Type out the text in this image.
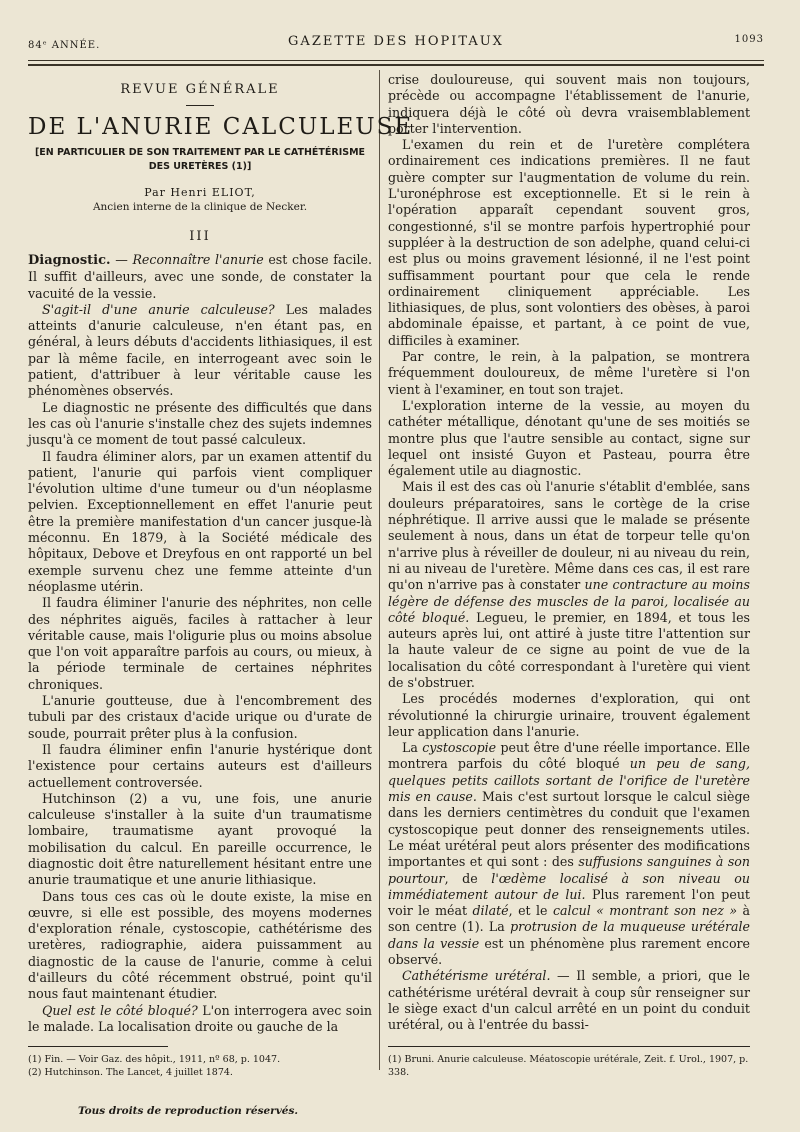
84ᵉ ANNÉE.	GAZETTE DES HOPITAUX	1093
REVUE GÉNÉRALE
DE L'ANURIE CALCULEUSE
[EN PARTICULIER DE SON TRAITEMENT PAR LE CATHÉTÉRISME DES URETÈRES (1)]
Par Henri ELIOT,
Ancien interne de la clinique de Necker.
III

Diagnostic. — Reconnaître l'anurie est chose facile. Il suffit d'ailleurs, avec une sonde, de constater la vacuité de la vessie.

S'agit-il d'une anurie calculeuse? Les malades atteints d'anurie calculeuse, n'en étant pas, en général, à leurs débuts d'accidents lithiasiques, il est par là même facile, en interrogeant avec soin le patient, d'attribuer à leur véritable cause les phénomènes observés.

Le diagnostic ne présente des difficultés que dans les cas où l'anurie s'installe chez des sujets indemnes jusqu'à ce moment de tout passé calculeux.

Il faudra éliminer alors, par un examen attentif du patient, l'anurie qui parfois vient compliquer l'évolution ultime d'une tumeur ou d'un néoplasme pelvien. Exceptionnellement en effet l'anurie peut être la première manifestation d'un cancer jusque-là méconnu. En 1879, à la Société médicale des hôpitaux, Debove et Dreyfous en ont rapporté un bel exemple survenu chez une femme atteinte d'un néoplasme utérin.

Il faudra éliminer l'anurie des néphrites, non celle des néphrites aiguës, faciles à rattacher à leur véritable cause, mais l'oligurie plus ou moins absolue que l'on voit apparaître parfois au cours, ou mieux, à la période terminale de certaines néphrites chroniques.

L'anurie goutteuse, due à l'encombrement des tubuli par des cristaux d'acide urique ou d'urate de soude, pourrait prêter plus à la confusion.

Il faudra éliminer enfin l'anurie hystérique dont l'existence pour certains auteurs est d'ailleurs actuellement controversée.

Hutchinson (2) a vu, une fois, une anurie calculeuse s'installer à la suite d'un traumatisme lombaire, traumatisme ayant provoqué la mobilisation du calcul. En pareille occurrence, le diagnostic doit être naturellement hésitant entre une anurie traumatique et une anurie lithiasique.

Dans tous ces cas où le doute existe, la mise en œuvre, si elle est possible, des moyens modernes d'exploration rénale, cystoscopie, cathétérisme des uretères, radiographie, aidera puissamment au diagnostic de la cause de l'anurie, comme à celui d'ailleurs du côté récemment obstrué, point qu'il nous faut maintenant étudier.

Quel est le côté bloqué? L'on interrogera avec soin le malade. La localisation droite ou gauche de la

crise douloureuse, qui souvent mais non toujours, précède ou accompagne l'établissement de l'anurie, indiquera déjà le côté où devra vraisemblablement porter l'intervention.

L'examen du rein et de l'uretère complétera ordinairement ces indications premières. Il ne faut guère compter sur l'augmentation de volume du rein. L'uronéphrose est exceptionnelle. Et si le rein à l'opération apparaît cependant souvent gros, congestionné, s'il se montre parfois hypertrophié pour suppléer à la destruction de son adelphe, quand celui-ci est plus ou moins gravement lésionné, il ne l'est point suffisamment pourtant pour que cela le rende ordinairement cliniquement appréciable. Les lithiasiques, de plus, sont volontiers des obèses, à paroi abdominale épaisse, et partant, à ce point de vue, difficiles à examiner.

Par contre, le rein, à la palpation, se montrera fréquemment douloureux, de même l'uretère si l'on vient à l'examiner, en tout son trajet.

L'exploration interne de la vessie, au moyen du cathéter métallique, dénotant qu'une de ses moitiés se montre plus que l'autre sensible au contact, signe sur lequel ont insisté Guyon et Pasteau, pourra être également utile au diagnostic.

Mais il est des cas où l'anurie s'établit d'emblée, sans douleurs préparatoires, sans le cortège de la crise néphrétique. Il arrive aussi que le malade se présente seulement à nous, dans un état de torpeur telle qu'on n'arrive plus à réveiller de douleur, ni au niveau du rein, ni au niveau de l'uretère. Même dans ces cas, il est rare qu'on n'arrive pas à constater une contracture au moins légère de défense des muscles de la paroi, localisée au côté bloqué. Legueu, le premier, en 1894, et tous les auteurs après lui, ont attiré à juste titre l'attention sur la haute valeur de ce signe au point de vue de la localisation du côté correspondant à l'uretère qui vient de s'obstruer.

Les procédés modernes d'exploration, qui ont révolutionné la chirurgie urinaire, trouvent également leur application dans l'anurie.

La cystoscopie peut être d'une réelle importance. Elle montrera parfois du côté bloqué un peu de sang, quelques petits caillots sortant de l'orifice de l'uretère mis en cause. Mais c'est surtout lorsque le calcul siège dans les derniers centimètres du conduit que l'examen cystoscopique peut donner des renseignements utiles. Le méat urétéral peut alors présenter des modifications importantes et qui sont : des suffusions sanguines à son pourtour, de l'œdème localisé à son niveau ou immédiatement autour de lui. Plus rarement l'on peut voir le méat dilaté, et le calcul « montrant son nez » à son centre (1). La protrusion de la muqueuse urétérale dans la vessie est un phénomène plus rarement encore observé.

Cathétérisme urétéral. — Il semble, a priori, que le cathétérisme urétéral devrait à coup sûr renseigner sur le siège exact d'un calcul arrêté en un point du conduit urétéral, ou à l'entrée du bassi-

(1) Fin. — Voir Gaz. des hôpit., 1911, nº 68, p. 1047.
(2) Hutchinson. The Lancet, 4 juillet 1874.
(1) Bruni. Anurie calculeuse. Méatoscopie urétérale, Zeit. f. Urol., 1907, p. 338.
Tous droits de reproduction réservés.
